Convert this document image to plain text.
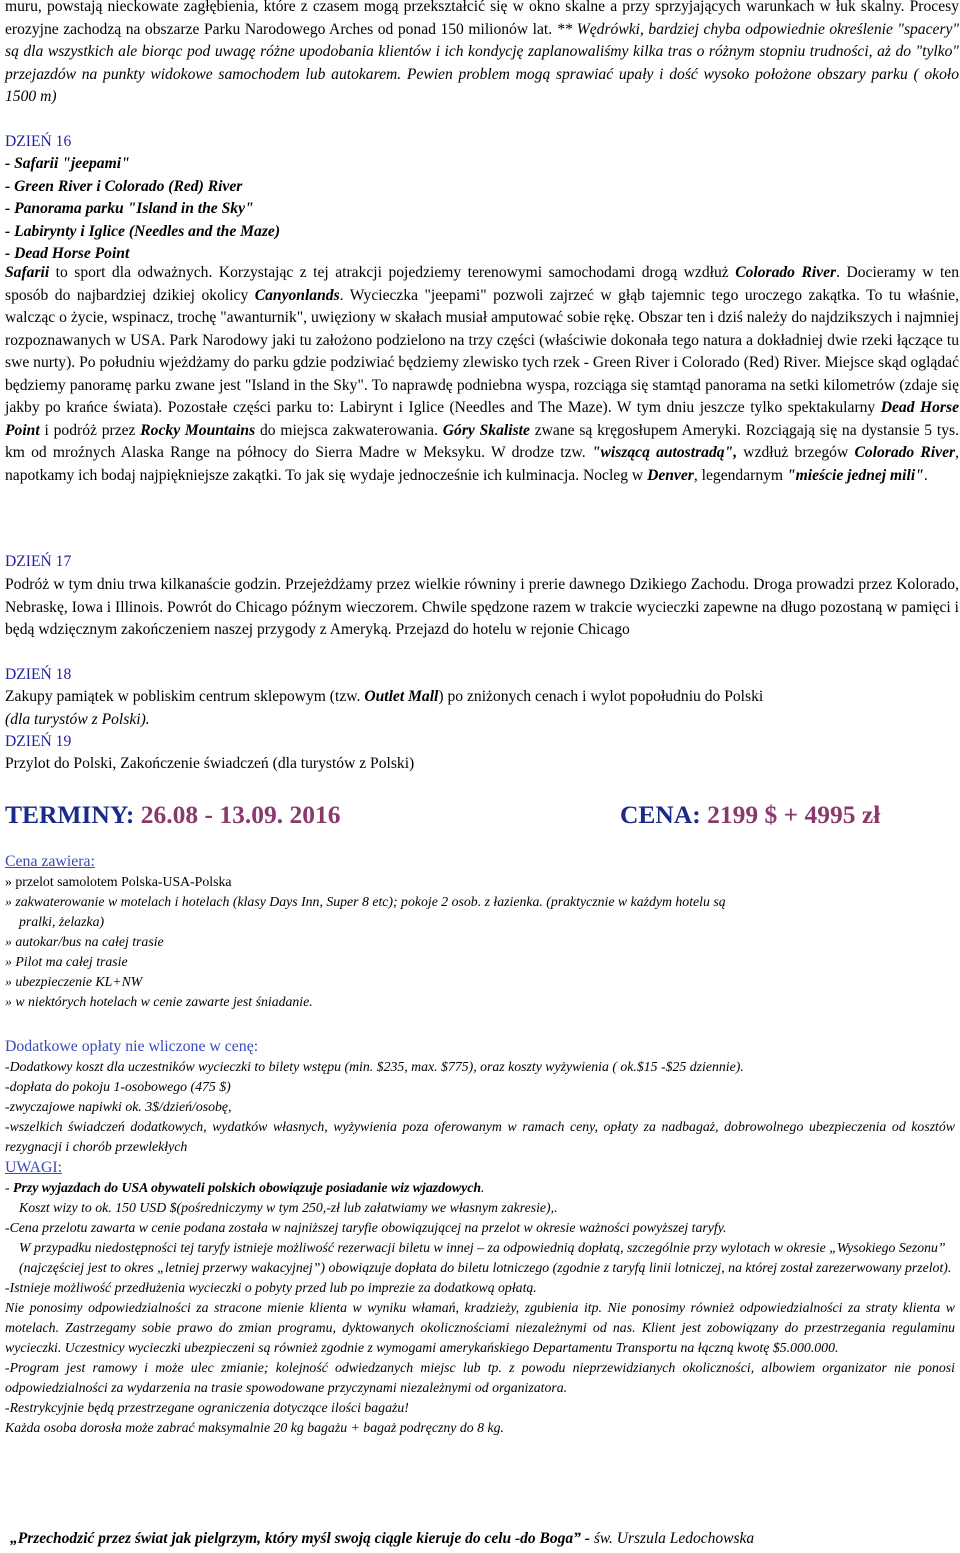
muru, powstają nieckowate zagłębienia, które z czasem mogą przekształcić się w okno skalne a przy sprzyjających warunkach w łuk skalny. Procesy erozyjne zachodzą na obszarze Parku Narodowego Arches od ponad 150 milionów lat. ** Wędrówki, bardziej chyba odpowiednie określenie "spacery" są dla wszystkich ale biorąc pod uwagę różne upodobania klientów i ich kondycję zaplanowaliśmy kilka tras o różnym stopniu trudności, aż do "tylko" przejazdów na punkty widokowe samochodem lub autokarem. Pewien problem mogą sprawiać upały i dość wysoko położone obszary parku ( około 1500 m)
DZIEŃ 16
- Safarii "jeepami"
- Green River i Colorado (Red) River
- Panorama parku "Island in the Sky"
- Labirynty i Iglice (Needles and the Maze)
- Dead Horse Point
Safarii to sport dla odważnych. Korzystając z tej atrakcji pojedziemy terenowymi samochodami drogą wzdłuż Colorado River. Docieramy w ten sposób do najbardziej dzikiej okolicy Canyonlands. Wycieczka "jeepami" pozwoli zajrzeć w głąb tajemnic tego uroczego zakątka. To tu właśnie, walcząc o życie, wspinacz, trochę "awanturnik", uwięziony w skałach musiał amputować sobie rękę. Obszar ten i dziś należy do najdzikszych i najmniej rozpoznawanych w USA. Park Narodowy jaki tu założono podzielono na trzy części (właściwie dokonała tego natura a dokładniej dwie rzeki łączące tu swe nurty). Po południu wjeżdżamy do parku gdzie podziwiać będziemy zlewisko tych rzek - Green River i Colorado (Red) River. Miejsce skąd oglądać będziemy panoramę parku zwane jest "Island in the Sky". To naprawdę podniebna wyspa, rozciąga się stamtąd panorama na setki kilometrów (zdaje się jakby po krańce świata). Pozostałe części parku to: Labirynt i Iglice (Needles and The Maze). W tym dniu jeszcze tylko spektakularny Dead Horse Point i podróż przez Rocky Mountains do miejsca zakwaterowania. Góry Skaliste zwane są kręgosłupem Ameryki. Rozciągają się na dystansie 5 tys. km od mroźnych Alaska Range na północy do Sierra Madre w Meksyku. W drodze tzw. "wiszącą autostradą", wzdłuż brzegów Colorado River, napotkamy ich bodaj najpiękniejsze zakątki. To jak się wydaje jednocześnie ich kulminacja. Nocleg w Denver, legendarnym "mieście jednej mili".
DZIEŃ 17
Podróż w tym dniu trwa kilkanaście godzin. Przejeżdżamy przez wielkie równiny i prerie dawnego Dzikiego Zachodu. Droga prowadzi przez Kolorado, Nebraskę, Iowa i Illinois. Powrót do Chicago późnym wieczorem. Chwile spędzone razem w trakcie wycieczki zapewne na długo pozostaną w pamięci i będą wdzięcznym zakończeniem naszej przygody z Ameryką. Przejazd do hotelu w rejonie Chicago
DZIEŃ 18
Zakupy pamiątek w pobliskim centrum sklepowym (tzw. Outlet Mall) po zniżonych cenach i wylot popołudniu do Polski
(dla turystów z Polski).
DZIEŃ 19
Przylot do Polski, Zakończenie świadczeń (dla turystów z Polski)
TERMINY: 26.08 - 13.09. 2016	CENA: 2199 $ + 4995 zł
Cena zawiera:
» przelot samolotem Polska-USA-Polska
» zakwaterowanie w motelach i hotelach (klasy Days Inn, Super 8 etc); pokoje 2 osob. z łazienka. (praktycznie w każdym hotelu są
pralki, żelazka)
» autokar/bus na całej trasie
» Pilot ma całej trasie
» ubezpieczenie KL+NW
» w niektórych hotelach w cenie zawarte jest śniadanie.
Dodatkowe opłaty nie wliczone w cenę:
-Dodatkowy koszt dla uczestników wycieczki to bilety wstępu (min. $235, max. $775), oraz koszty wyżywienia ( ok.$15 -$25 dziennie).
-dopłata do pokoju 1-osobowego (475 $)
-zwyczajowe napiwki ok. 3$/dzień/osobę,
-wszelkich świadczeń dodatkowych, wydatków własnych, wyżywienia poza oferowanym w ramach ceny, opłaty za nadbagaż, dobrowolnego ubezpieczenia od kosztów rezygnacji i chorób przewlekłych
UWAGI:
- Przy wyjazdach do USA obywateli polskich obowiązuje posiadanie wiz wjazdowych.
Koszt wizy to ok. 150 USD $(pośredniczymy w tym 250,-zł lub załatwiamy we własnym zakresie),.
-Cena przelotu zawarta w cenie podana została w najniższej taryfie obowiązującej na przelot w okresie ważności powyższej taryfy.
W przypadku niedostępności tej taryfy istnieje możliwość rezerwacji biletu w innej – za odpowiednią dopłatą, szczególnie przy wylotach w okresie „Wysokiego Sezonu” (najczęściej jest to okres „letniej przerwy wakacyjnej”) obowiązuje dopłata do biletu lotniczego (zgodnie z taryfą linii lotniczej, na której został zarezerwowany przelot).
-Istnieje możliwość przedłużenia wycieczki o pobyty przed lub po imprezie za dodatkową opłatą.
Nie ponosimy odpowiedzialności za stracone mienie klienta w wyniku włamań, kradzieży, zgubienia itp. Nie ponosimy również odpowiedzialności za straty klienta w motelach. Zastrzegamy sobie prawo do zmian programu, dyktowanych okolicznościami niezależnymi od nas. Klient jest zobowiązany do przestrzegania regulaminu wycieczki. Uczestnicy wycieczki ubezpieczeni są również zgodnie z wymogami amerykańskiego Departamentu Transportu na łączną kwotę $5.000.000.
-Program jest ramowy i może ulec zmianie; kolejność odwiedzanych miejsc lub tp. z powodu nieprzewidzianych okoliczności, albowiem organizator nie ponosi odpowiedzialności za wydarzenia na trasie spowodowane przyczynami niezależnymi od organizatora.
-Restrykcyjnie będą przestrzegane ograniczenia dotyczące ilości bagażu!
Każda osoba dorosła może zabrać maksymalnie 20 kg bagażu + bagaż podręczny do 8 kg.
„Przechodzić przez świat jak pielgrzym, który myśl swoją ciągle kieruje do celu -do Boga” - św. Urszula Ledochowska
